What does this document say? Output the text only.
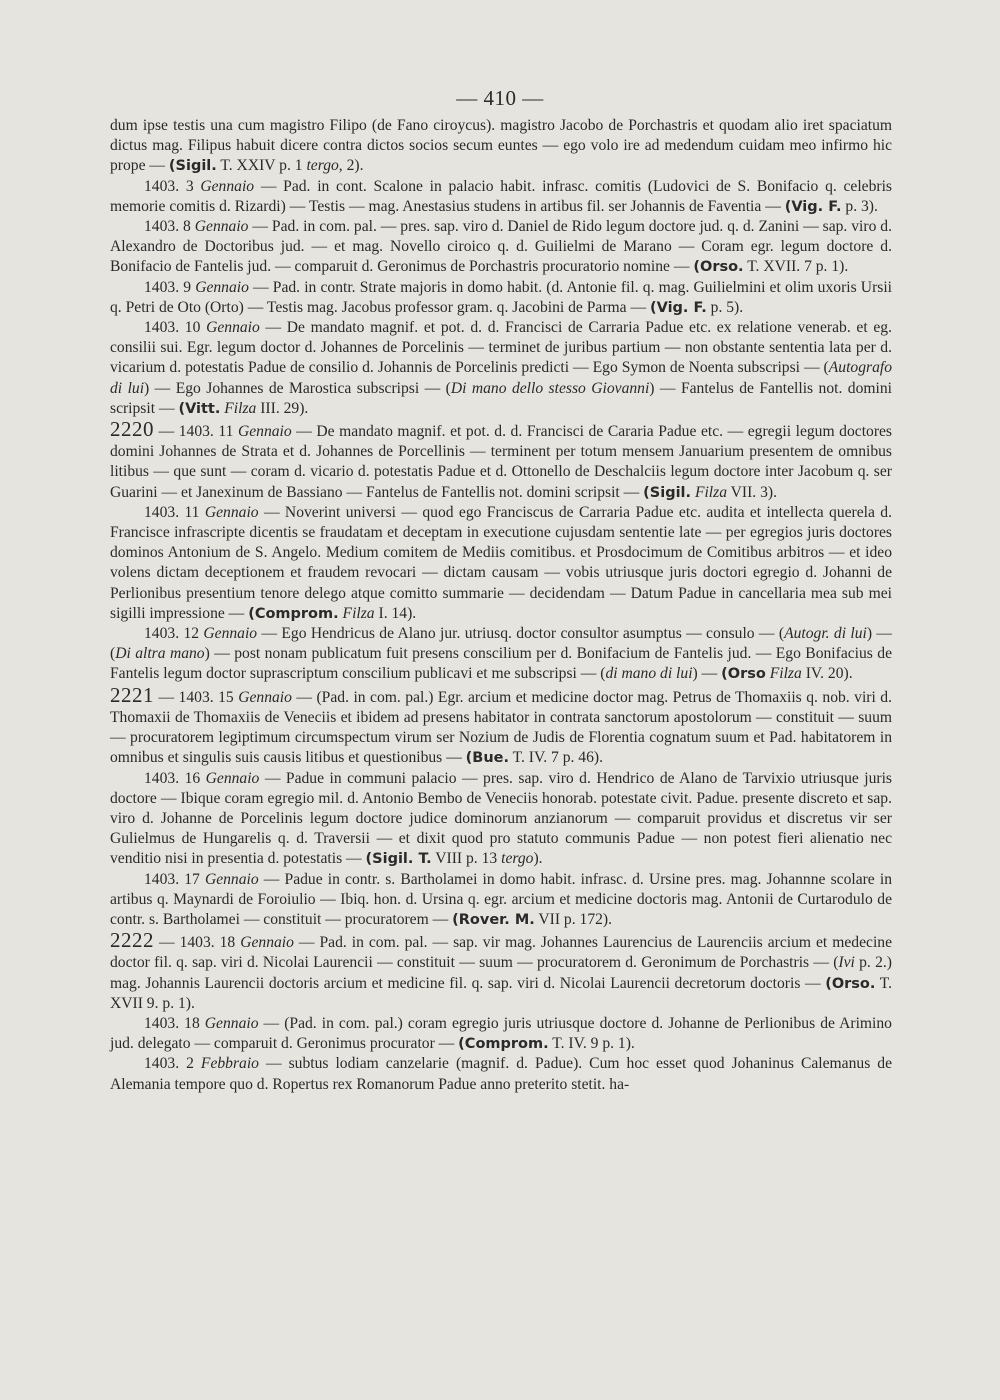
— 410 —

dum ipse testis una cum magistro Filipo (de Fano ciroycus). magistro Jacobo de Porchastris et quodam alio iret spaciatum dictus mag. Filipus habuit dicere contra dictos socios secum euntes — ego volo ire ad medendum cuidam meo infirmo hic prope — (Sigil. T. XXIV p. 1 tergo, 2).

1403. 3 Gennaio — Pad. in cont. Scalone in palacio habit. infrasc. comitis (Ludovici de S. Bonifacio q. celebris memorie comitis d. Rizardi) — Testis — mag. Anestasius studens in artibus fil. ser Johannis de Faventia — (Vig. F. p. 3).

1403. 8 Gennaio — Pad. in com. pal. — pres. sap. viro d. Daniel de Rido legum doctore jud. q. d. Zanini — sap. viro d. Alexandro de Doctoribus jud. — et mag. Novello ciroico q. d. Guilielmi de Marano — Coram egr. legum doctore d. Bonifacio de Fantelis jud. — comparuit d. Geronimus de Porchastris procuratorio nomine — (Orso. T. XVII. 7 p. 1).

1403. 9 Gennaio — Pad. in contr. Strate majoris in domo habit. (d. Antonie fil. q. mag. Guilielmini et olim uxoris Ursii q. Petri de Oto (Orto) — Testis mag. Jacobus professor gram. q. Jacobini de Parma — (Vig. F. p. 5).

1403. 10 Gennaio — De mandato magnif. et pot. d. d. Francisci de Carraria Padue etc. ex relatione venerab. et eg. consilii sui. Egr. legum doctor d. Johannes de Porcelinis — terminet de juribus partium — non obstante sententia lata per d. vicarium d. potestatis Padue de consilio d. Johannis de Porcelinis predicti — Ego Symon de Noenta subscripsi — (Autografo di lui) — Ego Johannes de Marostica subscripsi — (Di mano dello stesso Giovanni) — Fantelus de Fantellis not. domini scripsit — (Vitt. Filza III. 29).

2220 — 1403. 11 Gennaio — De mandato magnif. et pot. d. d. Francisci de Cararia Padue etc. — egregii legum doctores domini Johannes de Strata et d. Johannes de Porcellinis — terminent per totum mensem Januarium presentem de omnibus litibus — que sunt — coram d. vicario d. potestatis Padue et d. Ottonello de Deschalciis legum doctore inter Jacobum q. ser Guarini — et Janexinum de Bassiano — Fantelus de Fantellis not. domini scripsit — (Sigil. Filza VII. 3).

1403. 11 Gennaio — Noverint universi — quod ego Franciscus de Carraria Padue etc. audita et intellecta querela d. Francisce infrascripte dicentis se fraudatam et deceptam in executione cujusdam sententie late — per egregios juris doctores dominos Antonium de S. Angelo. Medium comitem de Mediis comitibus. et Prosdocimum de Comitibus arbitros — et ideo volens dictam deceptionem et fraudem revocari — dictam causam — vobis utriusque juris doctori egregio d. Johanni de Perlionibus presentium tenore delego atque comitto summarie — decidendam — Datum Padue in cancellaria mea sub mei sigilli impressione — (Comprom. Filza I. 14).

1403. 12 Gennaio — Ego Hendricus de Alano jur. utriusq. doctor consultor asumptus — consulo — (Autogr. di lui) — (Di altra mano) — post nonam publicatum fuit presens conscilium per d. Bonifacium de Fantelis jud. — Ego Bonifacius de Fantelis legum doctor suprascriptum conscilium publicavi et me subscripsi — (di mano di lui) — (Orso Filza IV. 20).

2221 — 1403. 15 Gennaio — (Pad. in com. pal.) Egr. arcium et medicine doctor mag. Petrus de Thomaxiis q. nob. viri d. Thomaxii de Thomaxiis de Veneciis et ibidem ad presens habitator in contrata sanctorum apostolorum — constituit — suum — procuratorem legiptimum circumspectum virum ser Nozium de Judis de Florentia cognatum suum et Pad. habitatorem in omnibus et singulis suis causis litibus et questionibus — (Bue. T. IV. 7 p. 46).

1403. 16 Gennaio — Padue in communi palacio — pres. sap. viro d. Hendrico de Alano de Tarvixio utriusque juris doctore — Ibique coram egregio mil. d. Antonio Bembo de Veneciis honorab. potestate civit. Padue. presente discreto et sap. viro d. Johanne de Porcelinis legum doctore judice dominorum anzianorum — comparuit providus et discretus vir ser Gulielmus de Hungarelis q. d. Traversii — et dixit quod pro statuto communis Padue — non potest fieri alienatio nec venditio nisi in presentia d. potestatis — (Sigil. T. VIII p. 13 tergo).

1403. 17 Gennaio — Padue in contr. s. Bartholamei in domo habit. infrasc. d. Ursine pres. mag. Johannne scolare in artibus q. Maynardi de Foroiulio — Ibiq. hon. d. Ursina q. egr. arcium et medicine doctoris mag. Antonii de Curtarodulo de contr. s. Bartholamei — constituit — procuratorem — (Rover. M. VII p. 172).

2222 — 1403. 18 Gennaio — Pad. in com. pal. — sap. vir mag. Johannes Laurencius de Laurenciis arcium et medecine doctor fil. q. sap. viri d. Nicolai Laurencii — constituit — suum — procuratorem d. Geronimum de Porchastris — (Ivi p. 2.) mag. Johannis Laurencii doctoris arcium et medicine fil. q. sap. viri d. Nicolai Laurencii decretorum doctoris — (Orso. T. XVII 9. p. 1).

1403. 18 Gennaio — (Pad. in com. pal.) coram egregio juris utriusque doctore d. Johanne de Perlionibus de Arimino jud. delegato — comparuit d. Geronimus procurator — (Comprom. T. IV. 9 p. 1).

1403. 2 Febbraio — subtus lodiam canzelarie (magnif. d. Padue). Cum hoc esset quod Johaninus Calemanus de Alemania tempore quo d. Ropertus rex Romanorum Padue anno preterito stetit. ha-
